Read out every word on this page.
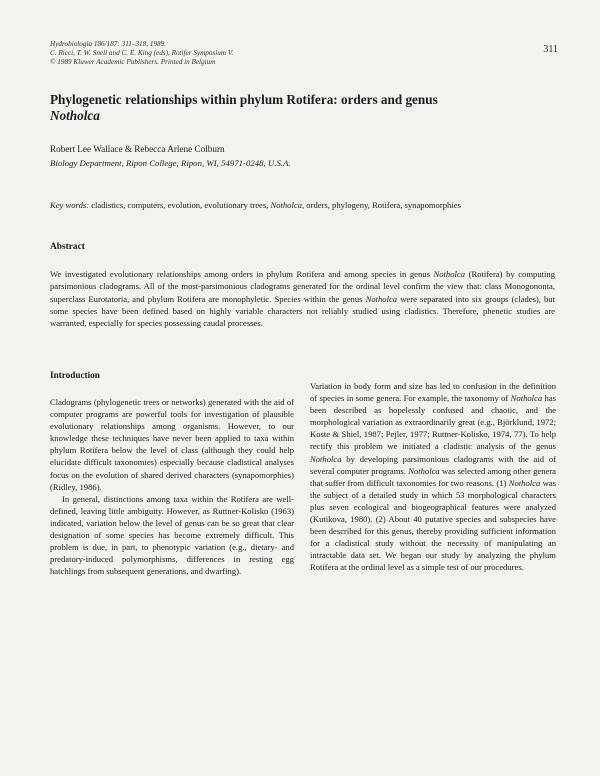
Hydrobiologia 186/187: 311–318, 1989.
C. Ricci, T. W. Snell and C. E. King (eds), Rotifer Symposium V.
© 1989 Kluwer Academic Publishers. Printed in Belgium
311
Phylogenetic relationships within phylum Rotifera: orders and genus
Notholca
Robert Lee Wallace & Rebecca Arlene Colburn
Biology Department, Ripon College, Ripon, WI, 54971-0248, U.S.A.
Key words: cladistics, computers, evolution, evolutionary trees, Notholca, orders, phylogeny, Rotifera, synapomorphies
Abstract

We investigated evolutionary relationships among orders in phylum Rotifera and among species in genus Notholca (Rotifera) by computing parsimonious cladograms. All of the most-parsimonious cladograms generated for the ordinal level confirm the view that: class Monogononta, superclass Eurotatoria, and phylum Rotifera are monophyletic. Species within the genus Notholca were separated into six groups (clades), but some species have been defined based on highly variable characters not reliably studied using cladistics. Therefore, phenetic studies are warranted, especially for species possessing caudal processes.

Introduction

Cladograms (phylogenetic trees or networks) generated with the aid of computer programs are powerful tools for investigation of plausible evolutionary relationships among organisms. However, to our knowledge these techniques have never been applied to taxa within phylum Rotifera below the level of class (although they could help elucidate difficult taxonomies) especially because cladistical analyses focus on the evolution of shared derived characters (synapomorphies) (Ridley, 1986).

In general, distinctions among taxa within the Rotifera are well-defined, leaving little ambiguity. However, as Ruttner-Kolisko (1963) indicated, variation below the level of genus can be so great that clear designation of some species has become extremely difficult. This problem is due, in part, to phenotypic variation (e.g., dietary- and predatory-induced polymorphisms, differences in resting egg hatchlings from subsequent generations, and dwarfing).

Variation in body form and size has led to confusion in the definition of species in some genera. For example, the taxonomy of Notholca has been described as hopelessly confused and chaotic, and the morphological variation as extraordinarily great (e.g., Björklund, 1972; Koste & Shiel, 1987; Pejler, 1977; Ruttner-Kolisko, 1974, 77). To help rectify this problem we initiated a cladistic analysis of the genus Notholca by developing parsimonious cladograms with the aid of several computer programs. Notholca was selected among other genera that suffer from difficult taxonomies for two reasons. (1) Notholca was the subject of a detailed study in which 53 morphological characters plus seven ecological and biogeographical features were analyzed (Kutikova, 1980). (2) About 40 putative species and subspecies have been described for this genus, thereby providing sufficient information for a cladistical study without the necessity of manipulating an intractable data set. We began our study by analyzing the phylum Rotifera at the ordinal level as a simple test of our procedures.
